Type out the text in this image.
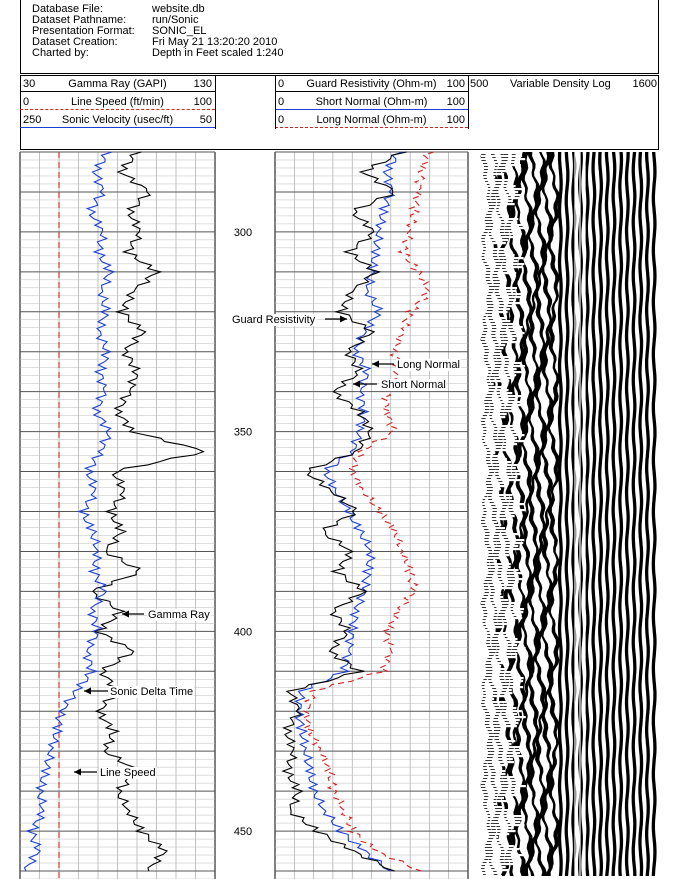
Database File:	website.db
Dataset Pathname: run/Sonic
Presentation Format: SONIC_EL
Dataset Creation:	Fri May 21 13:20:20 2010
Charted by:	Depth in Feet scaled 1:240
30	Gamma Ray (GAPI)	130
0	Line Speed (ft/min)	100
250	Sonic Velocity (usec/ft)	50
0	Guard Resistivity (Ohm-m) 100
0	Short Normal (Ohm-m)	100
0	Long Normal (Ohm-m)	100
500 Variable Density Log 1600
300
350
400
450
Gamma Ray
Sonic Delta Time
Line Speed
Guard Resistivity
Long Normal
Short Normal
